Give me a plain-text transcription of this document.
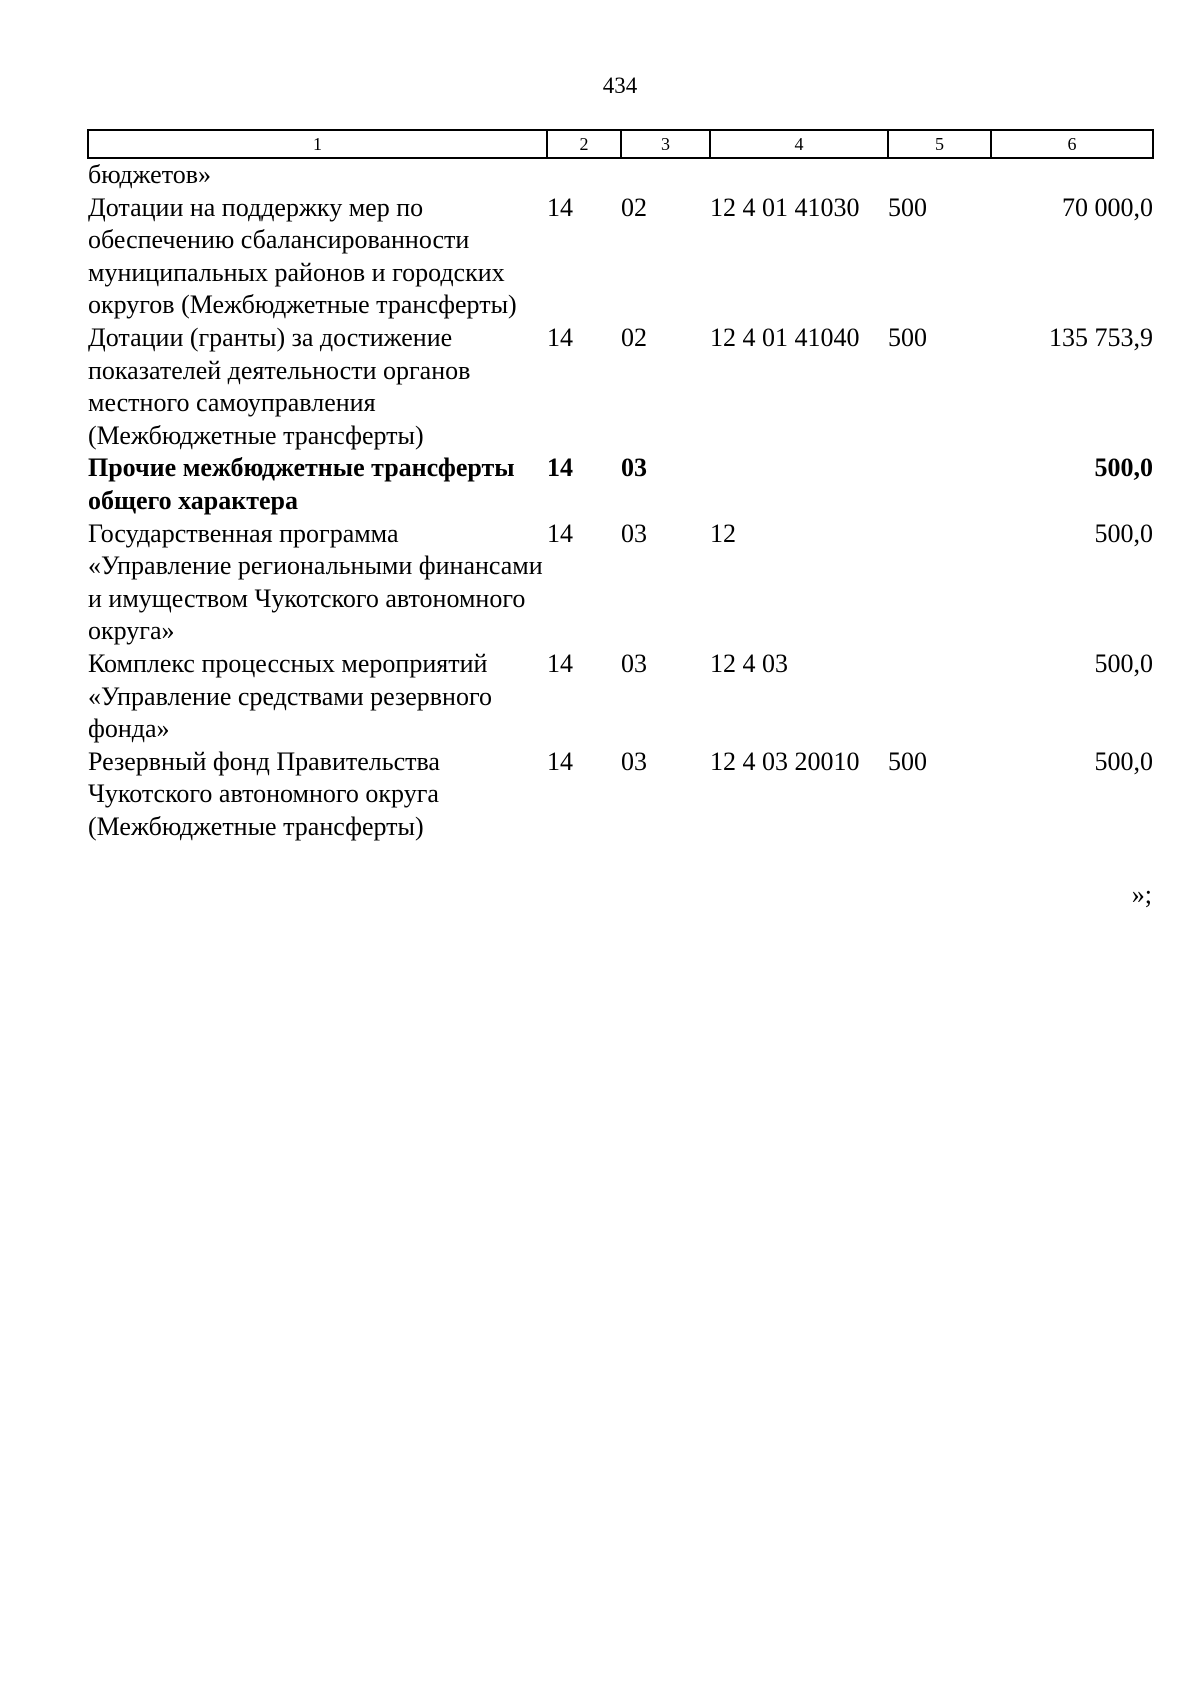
434
1	2	3	4	5	6
бюджетов»					
Дотации на поддержку мер по обеспечению сбалансированности муниципальных районов и городских округов (Межбюджетные трансферты)	14	02	12 4 01 41030	500	70 000,0
Дотации (гранты) за достижение показателей деятельности органов местного самоуправления (Межбюджетные трансферты)	14	02	12 4 01 41040	500	135 753,9
Прочие межбюджетные трансферты общего характера	14	03			500,0
Государственная программа «Управление региональными финансами и имуществом Чукотского автономного округа»	14	03	12		500,0
Комплекс процессных мероприятий «Управление средствами резервного фонда»	14	03	12 4 03		500,0
Резервный фонд Правительства Чукотского автономного округа (Межбюджетные трансферты)	14	03	12 4 03 20010	500	500,0
»;
